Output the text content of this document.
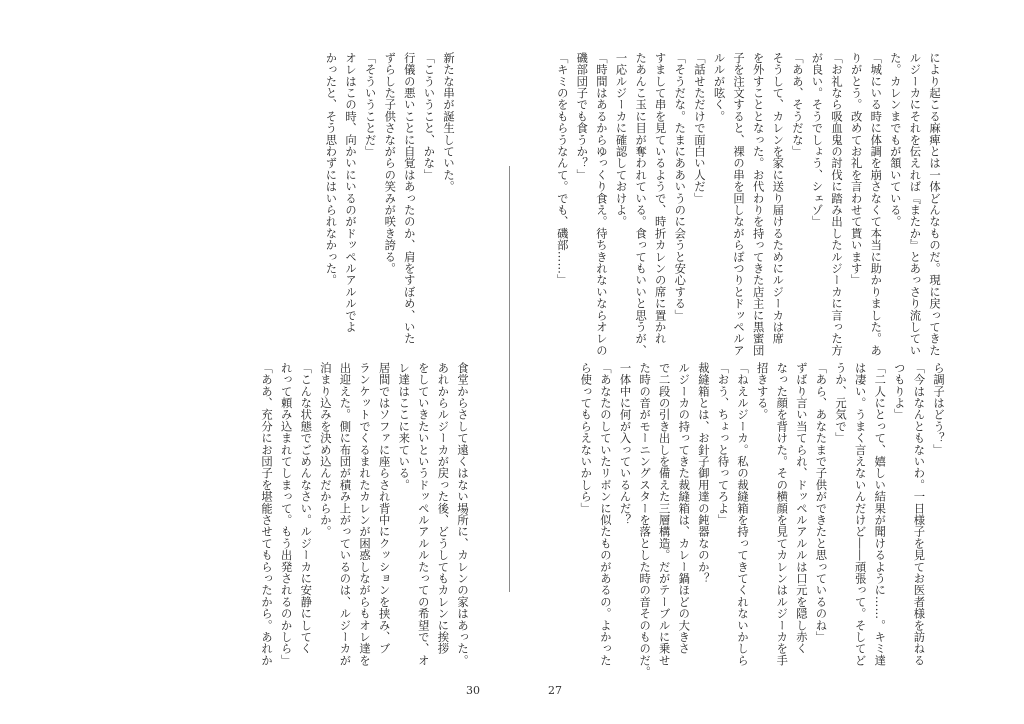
新たな串が誕生していた。
「こういうこと、かな」
行儀の悪いことに自覚はあったのか、肩をすぼめ、いた
ずらした子供さながらの笑みが咲き誇る。
「そういうことだ」
オレはこの時、向かいにいるのがドッペルアルルでよ
かったと、そう思わずにはいられなかった。
食堂からさして遠くはない場所に、カレンの家はあった。
あれからルジーカが戻った後、どうしてもカレンに挨拶
をしていきたいというドッペルアルルたっての希望で、オ
レ達はここに来ている。
居間ではソファに座らされ背中にクッションを挟み、ブ
ランケットでくるまれたカレンが困惑しながらもオレ達を
出迎えた。側に布団が積み上がっているのは、ルジーカが
泊まり込みを決め込んだからか。
「こんな状態でごめんなさい。ルジーカに安静にしてく
れって頼み込まれてしまって。もう出発されるのかしら」
「ああ、充分にお団子を堪能させてもらったから。あれか
30
により起こる麻痺とは一体どんなものだ。現に戻ってきた
ルジーカにそれを伝えれば『またか』とあっさり流してい
た。カレンまでもが頷いている。
「城にいる時に体調を崩さなくて本当に助かりました。あ
りがとう。改めてお礼を言わせて貰います」
「お礼なら吸血鬼の討伐に踏み出したルジーカに言った方
が良い。そうでしょう、シェゾ」
「ああ、そうだな」
そうして、カレンを家に送り届けるためにルジーカは席
を外すこととなった。お代わりを持ってきた店主に黒蜜団
子を注文すると、裸の串を回しながらぽつりとドッペルア
ルルが呟く。
「話せただけで面白い人だ」
「そうだな。たまにああいうのに会うと安心する」
すまして串を見ているようで、時折カレンの席に置かれ
たあんこ玉に目が奪われている。食ってもいいと思うが、
一応ルジーカに確認しておけよ。
「時間はあるからゆっくり食え。待ちきれないならオレの
磯部団子でも食うか？」
「キミのをもらうなんて。でも、磯部……」
ら調子はどう？」
「今はなんともないわ。一日様子を見てお医者様を訪ねる
つもりよ」
「二人にとって、嬉しい結果が聞けるように……。キミ達
は凄い。うまく言えないんだけど――頑張って。そしてど
うか、元気で」
「あら、あなたまで子供ができたと思っているのね」
ずばり言い当てられ、ドッペルアルルは口元を隠し赤く
なった顔を背けた。その横顔を見てカレンはルジーカを手
招きする。
「ねえルジーカ。私の裁縫箱を持ってきてくれないかしら
「おう、ちょっと待ってろよ」
裁縫箱とは、お針子御用達の鈍器なのか？
ルジーカの持ってきた裁縫箱は、カレー鍋ほどの大きさ
で二段の引き出しを備えた三層構造。だがテーブルに乗せ
た時の音がモーニングスターを落とした時の音そのものだ。
一体中に何が入っているんだ？
「あなたのしていたリボンに似たものがあるの。よかった
ら使ってもらえないかしら」
27
